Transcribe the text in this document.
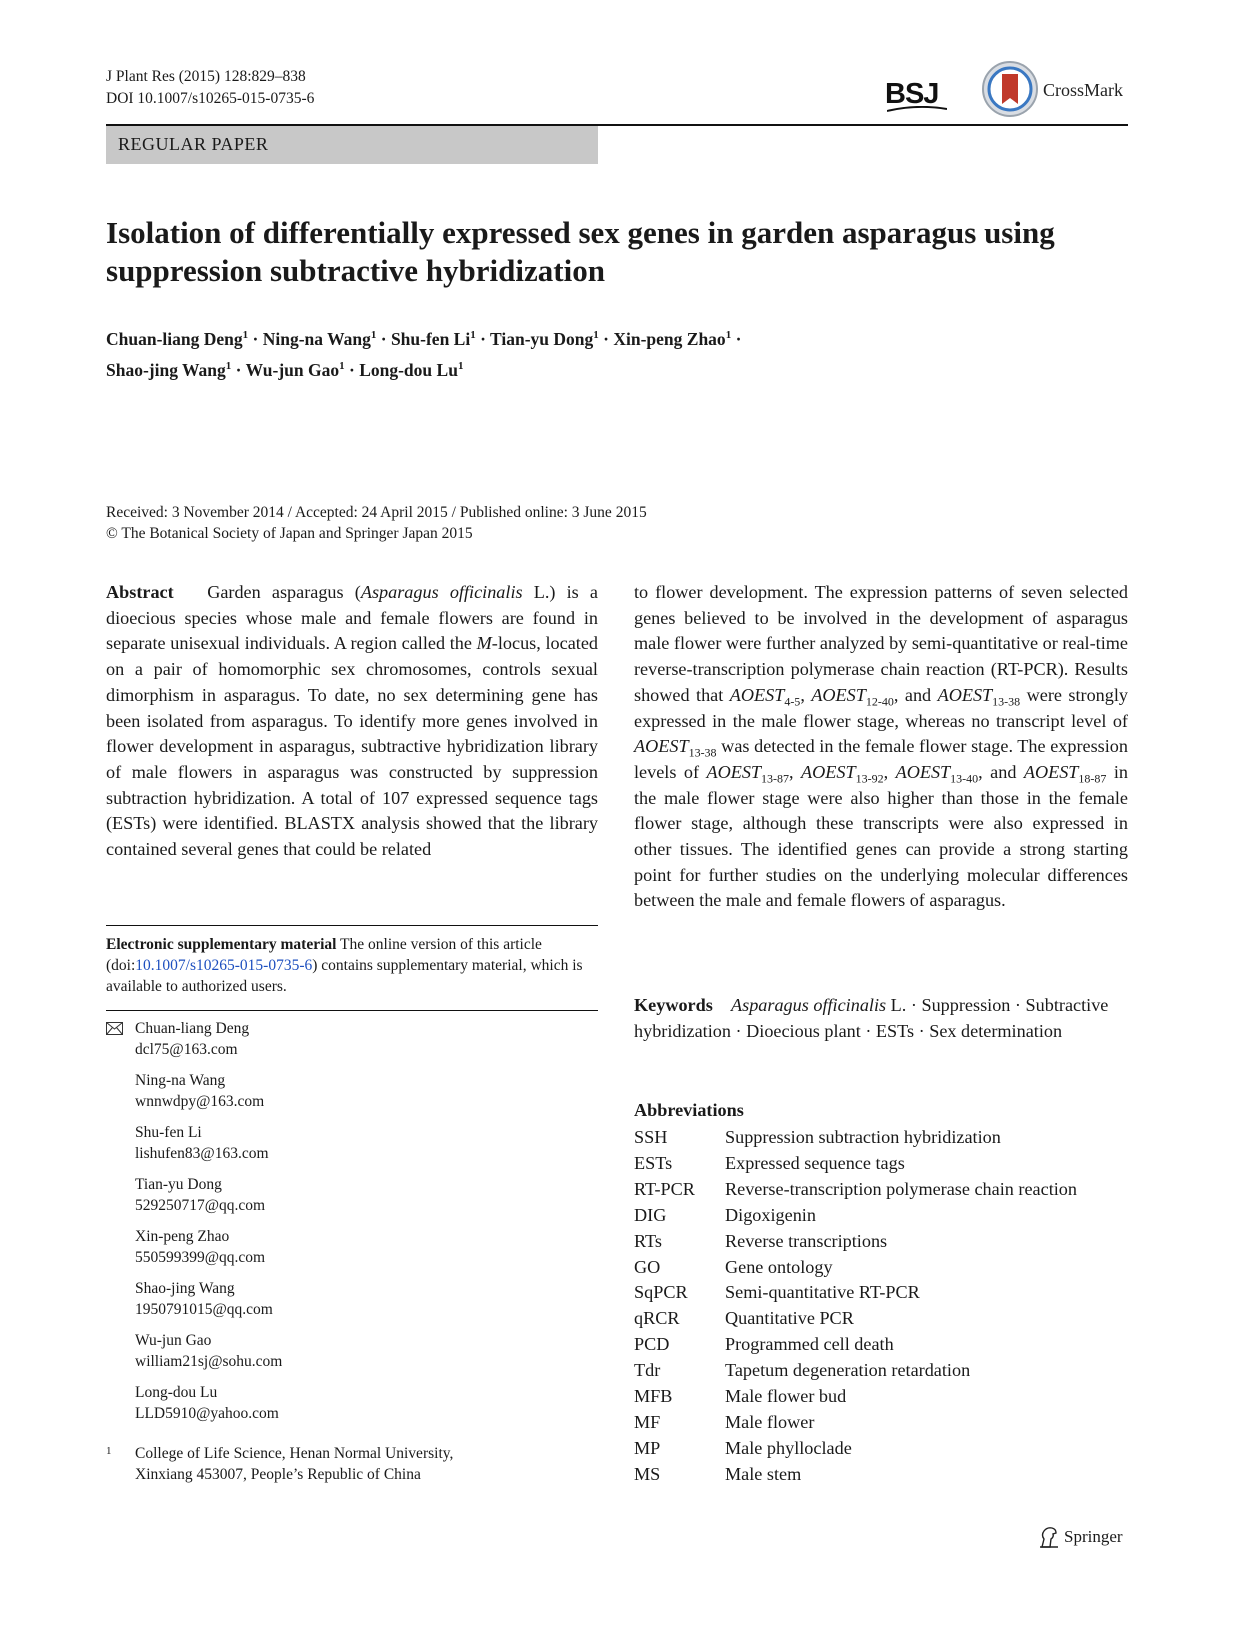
J Plant Res (2015) 128:829–838
DOI 10.1007/s10265-015-0735-6	BSJ	CrossMark
REGULAR PAPER
Isolation of differentially expressed sex genes in garden asparagus using suppression subtractive hybridization
Chuan-liang Deng$^1$ · Ning-na Wang$^1$ · Shu-fen $Li^1$ · Tian-yu Dong$^1$ · Xin-peng Zhao$^1$ ·
Shao-jing Wang$^1$ · Wu-jun Gao$^1$ · Long-dou Lu$^1$
Received: 3 November 2014 / Accepted: 24 April 2015 / Published online: 3 June 2015
© The Botanical Society of Japan and Springer Japan 2015

Abstract Garden asparagus (Asparagus officinalis L.) is a dioecious species whose male and female flowers are found in separate unisexual individuals. A region called the M-locus, located on a pair of homomorphic sex chromosomes, controls sexual dimorphism in asparagus. To date, no sex determining gene has been isolated from asparagus. To identify more genes involved in flower development in asparagus, subtractive hybridization library of male flowers in asparagus was constructed by suppression subtraction hybridization. A total of 107 expressed sequence tags (ESTs) were identified. BLASTX analysis showed that the library contained several genes that could be related

to flower development. The expression patterns of seven selected genes believed to be involved in the development of asparagus male flower were further analyzed by semi-quantitative or real-time reverse-transcription polymerase chain reaction (RT-PCR). Results showed that $AOEST_{4-5}$, $AOEST_{12-40}$, and $AOEST_{13-38}$ were strongly expressed in the male flower stage, whereas no transcript level of $AOEST_{13-38}$ was detected in the female flower stage. The expression levels of $AOEST_{13-87}$, $AOEST_{13-92}$, $AOEST_{13-40}$, and $AOEST_{18-87}$ in the male flower stage were also higher than those in the female flower stage, although these transcripts were also expressed in other tissues. The identified genes can provide a strong starting point for further studies on the underlying molecular differences between the male and female flowers of asparagus.

Electronic supplementary material The online version of this article (doi:10.1007/s10265-015-0735-6) contains supplementary material, which is available to authorized users.
Chuan-liang Deng
dcl75@163.com
Ning-na Wang
wnnwdpy@163.com
Shu-fen Li
lishufen83@163.com
Tian-yu Dong
529250717@qq.com
Xin-peng Zhao
550599399@qq.com
Shao-jing Wang
1950791015@qq.com
Wu-jun Gao
william21sj@sohu.com
Long-dou Lu
LLD5910@yahoo.com
1 College of Life Science, Henan Normal University,
Xinxiang 453007, People’s Republic of China
Keywords Asparagus officinalis L. · Suppression · Subtractive hybridization · Dioecious plant · ESTs · Sex determination
Abbreviations
SSH	Suppression subtraction hybridization
ESTs	Expressed sequence tags
RT-PCR	Reverse-transcription polymerase chain reaction
DIG	Digoxigenin
RTs	Reverse transcriptions
GO	Gene ontology
SqPCR	Semi-quantitative RT-PCR
qRCR	Quantitative PCR
PCD	Programmed cell death
Tdr	Tapetum degeneration retardation
MFB	Male flower bud
MF	Male flower
MP	Male phylloclade
MS	Male stem
Springer
